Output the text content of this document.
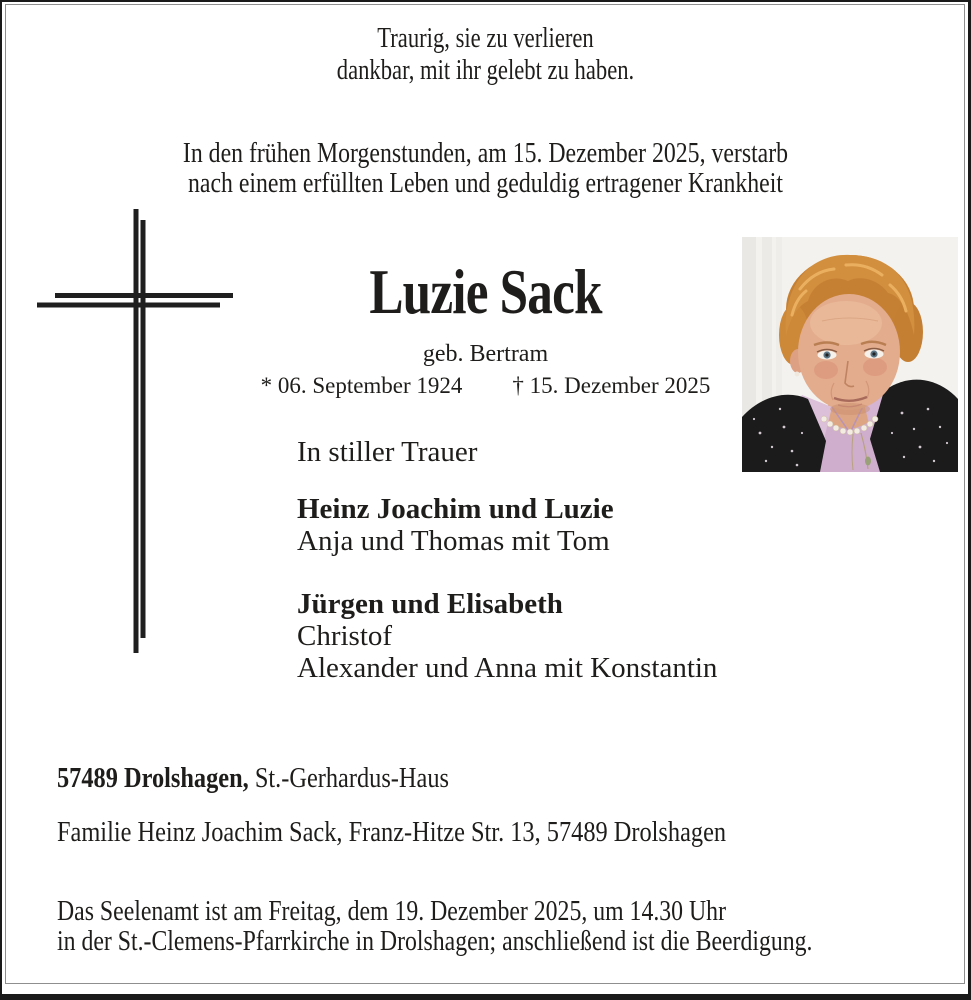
Traurig, sie zu verlieren
dankbar, mit ihr gelebt zu haben.
In den frühen Morgenstunden, am 15. Dezember 2025, verstarb
nach einem erfüllten Leben und geduldig ertragener Krankheit
Luzie Sack
geb. Bertram
* 06. September 1924 † 15. Dezember 2025

In stiller Trauer

Heinz Joachim und Luzie

Anja und Thomas mit Tom

Jürgen und Elisabeth

Christof

Alexander und Anna mit Konstantin

57489 Drolshagen, St.-Gerhardus-Haus
Familie Heinz Joachim Sack, Franz-Hitze Str. 13, 57489 Drolshagen
Das Seelenamt ist am Freitag, dem 19. Dezember 2025, um 14.30 Uhr
in der St.-Clemens-Pfarrkirche in Drolshagen; anschließend ist die Beerdigung.
